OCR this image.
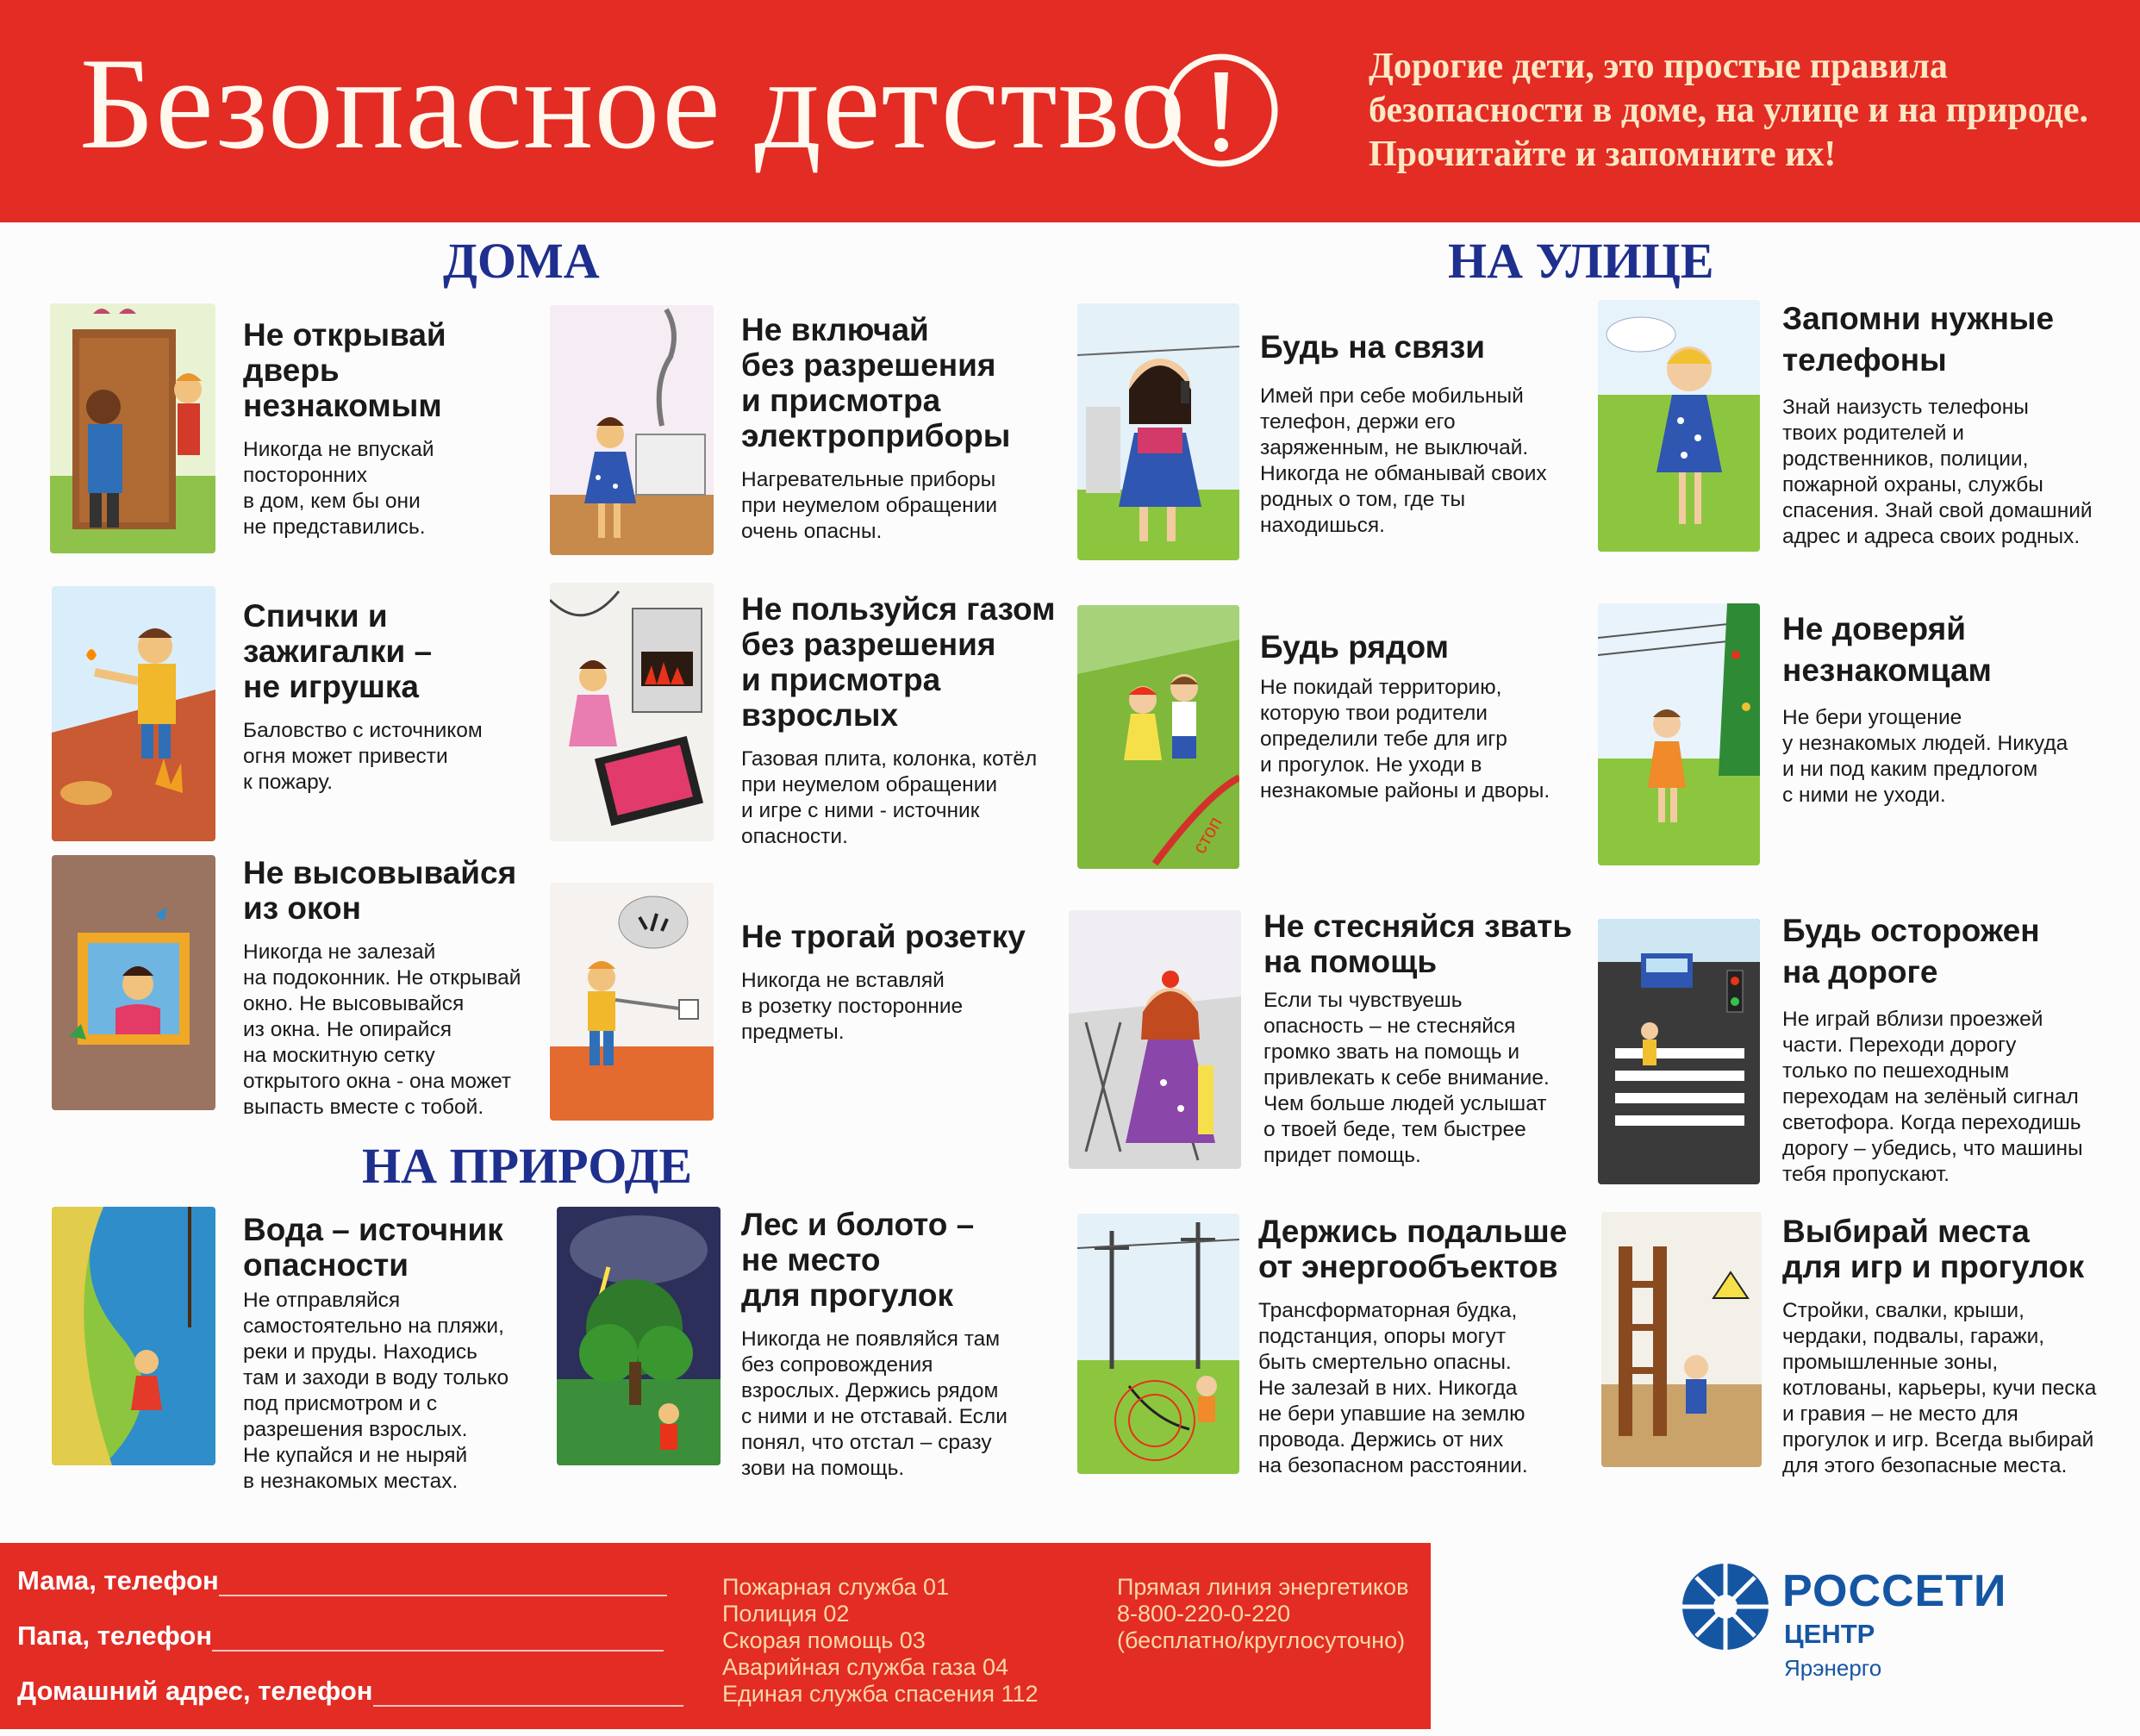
Безопасное детство	Дорогие дети, это простые правила безопасности в доме, на улице и на природе. Прочитайте и запомните их!
ДОМА	НА УЛИЦЕ
НА ПРИРОДЕ
Не открывай
дверь
незнакомым
Никогда не впускай
посторонних
в дом, кем бы они
не представились.
Не включай
без разрешения
и присмотра
электроприборы
Нагревательные приборы
при неумелом обращении
очень опасны.
Спички и
зажигалки –
не игрушка
Баловство с источником
огня может привести
к пожару.
Не пользуйся газом
без разрешения
и присмотра
взрослых
Газовая плита, колонка, котёл
при неумелом обращении
и игре с ними - источник
опасности.
Не высовывайся
из окон
Никогда не залезай
на подоконник. Не открывай
окно. Не высовывайся
из окна. Не опирайся
на москитную сетку
открытого окна - она может
выпасть вместе с тобой.
Не трогай розетку
Никогда не вставляй
в розетку посторонние
предметы.
Вода – источник
опасности
Не отправляйся
самостоятельно на пляжи,
реки и пруды. Находись
там и заходи в воду только
под присмотром и с
разрешения взрослых.
Не купайся и не ныряй
в незнакомых местах.
Лес и болото –
не место
для прогулок
Никогда не появляйся там
без сопровождения
взрослых. Держись рядом
с ними и не отставай. Если
понял, что отстал – сразу
зови на помощь.
Будь на связи
Имей при себе мобильный
телефон, держи его
заряженным, не выключай.
Никогда не обманывай своих
родных о том, где ты
находишься.
Запомни нужные
телефоны
Знай наизусть телефоны
твоих родителей и
родственников, полиции,
пожарной охраны, службы
спасения. Знай свой домашний
адрес и адреса своих родных.
стоп
Будь рядом
Не покидай территорию,
которую твои родители
определили тебе для игр
и прогулок. Не уходи в
незнакомые районы и дворы.
Не доверяй
незнакомцам
Не бери угощение
у незнакомых людей. Никуда
и ни под каким предлогом
с ними не уходи.
Не стесняйся звать
на помощь
Если ты чувствуешь
опасность – не стесняйся
громко звать на помощь и
привлекать к себе внимание.
Чем больше людей услышат
о твоей беде, тем быстрее
придет помощь.
Будь осторожен
на дороге
Не играй вблизи проезжей
части. Переходи дорогу
только по пешеходным
переходам на зелёный сигнал
светофора. Когда переходишь
дорогу – убедись, что машины
тебя пропускают.
Держись подальше
от энергообъектов
Трансформаторная будка,
подстанция, опоры могут
быть смертельно опасны.
Не залезай в них. Никогда
не бери упавшие на землю
провода. Держись от них
на безопасном расстоянии.
Выбирай места
для игр и прогулок
Стройки, свалки, крыши,
чердаки, подвалы, гаражи,
промышленные зоны,
котлованы, карьеры, кучи песка
и гравия – не место для
прогулок и игр. Всегда выбирай
для этого безопасные места.
Мама, телефон
Папа, телефон
Домашний адрес, телефон
Пожарная служба 01
Полиция 02
Скорая помощь 03
Аварийная служба газа 04
Единая служба спасения 112
Прямая линия энергетиков
8-800-220-0-220
(бесплатно/круглосуточно)
РОССЕТИ
ЦЕНТР
Ярэнерго
